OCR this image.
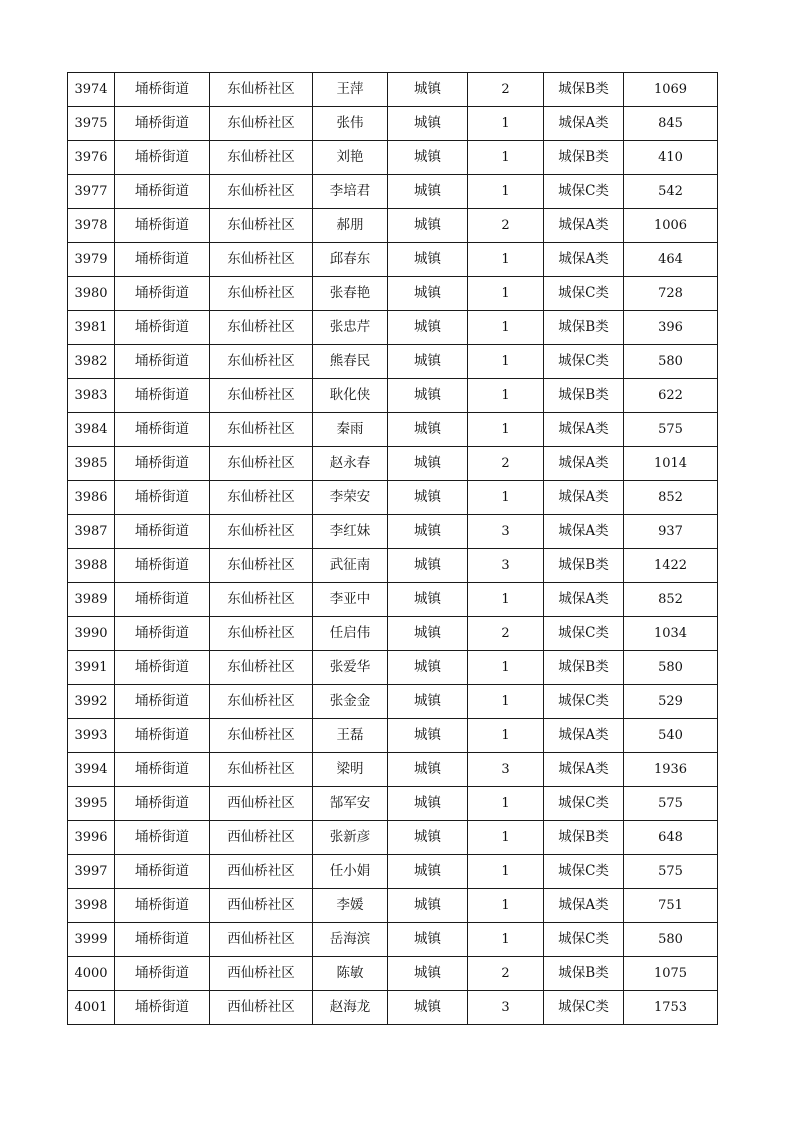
3974	埇桥街道	东仙桥社区	王萍	城镇	2	城保B类	1069
3975	埇桥街道	东仙桥社区	张伟	城镇	1	城保A类	845
3976	埇桥街道	东仙桥社区	刘艳	城镇	1	城保B类	410
3977	埇桥街道	东仙桥社区	李培君	城镇	1	城保C类	542
3978	埇桥街道	东仙桥社区	郝朋	城镇	2	城保A类	1006
3979	埇桥街道	东仙桥社区	邱春东	城镇	1	城保A类	464
3980	埇桥街道	东仙桥社区	张春艳	城镇	1	城保C类	728
3981	埇桥街道	东仙桥社区	张忠芹	城镇	1	城保B类	396
3982	埇桥街道	东仙桥社区	熊春民	城镇	1	城保C类	580
3983	埇桥街道	东仙桥社区	耿化侠	城镇	1	城保B类	622
3984	埇桥街道	东仙桥社区	秦雨	城镇	1	城保A类	575
3985	埇桥街道	东仙桥社区	赵永春	城镇	2	城保A类	1014
3986	埇桥街道	东仙桥社区	李荣安	城镇	1	城保A类	852
3987	埇桥街道	东仙桥社区	李红妹	城镇	3	城保A类	937
3988	埇桥街道	东仙桥社区	武征南	城镇	3	城保B类	1422
3989	埇桥街道	东仙桥社区	李亚中	城镇	1	城保A类	852
3990	埇桥街道	东仙桥社区	任启伟	城镇	2	城保C类	1034
3991	埇桥街道	东仙桥社区	张爱华	城镇	1	城保B类	580
3992	埇桥街道	东仙桥社区	张金金	城镇	1	城保C类	529
3993	埇桥街道	东仙桥社区	王磊	城镇	1	城保A类	540
3994	埇桥街道	东仙桥社区	梁明	城镇	3	城保A类	1936
3995	埇桥街道	西仙桥社区	郜军安	城镇	1	城保C类	575
3996	埇桥街道	西仙桥社区	张新彦	城镇	1	城保B类	648
3997	埇桥街道	西仙桥社区	任小娟	城镇	1	城保C类	575
3998	埇桥街道	西仙桥社区	李媛	城镇	1	城保A类	751
3999	埇桥街道	西仙桥社区	岳海滨	城镇	1	城保C类	580
4000	埇桥街道	西仙桥社区	陈敏	城镇	2	城保B类	1075
4001	埇桥街道	西仙桥社区	赵海龙	城镇	3	城保C类	1753
